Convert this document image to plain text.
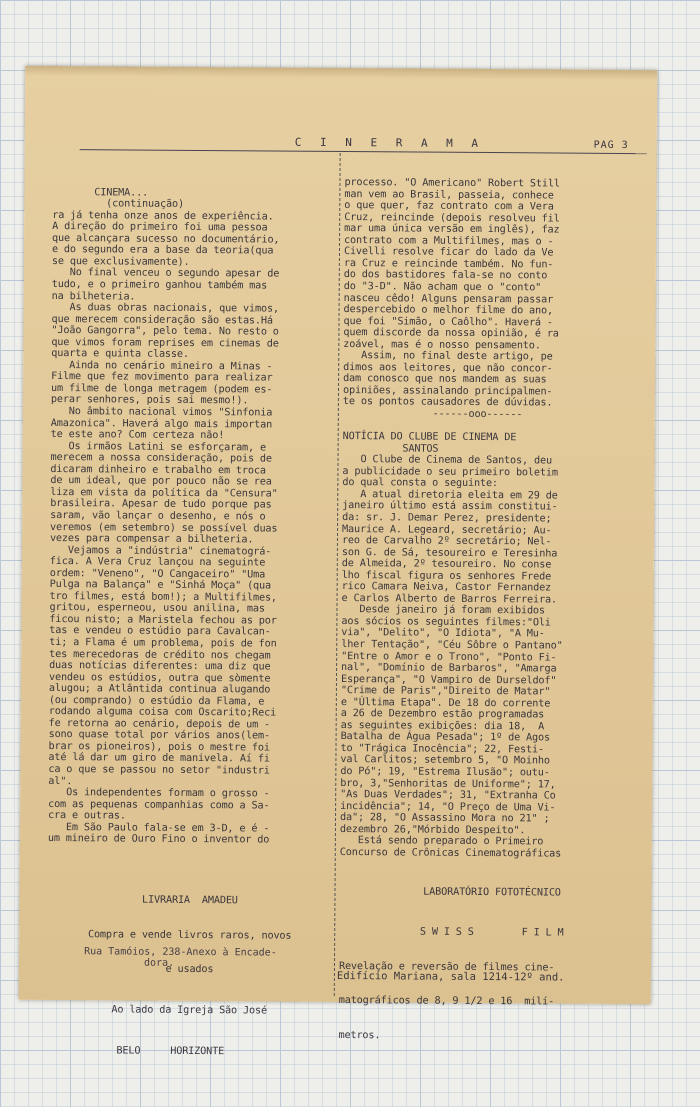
C I N E R A M A	PAG 3

CINEMA...
(continuação)
ra já tenha onze anos de experiência.
A direção do primeiro foi uma pessoa
que alcançara sucesso no documentário,
e do segundo era a base da teoria(qua
se que exclusivamente).
No final venceu o segundo apesar de
tudo, e o primeiro ganhou também mas
na bilheteria.
As duas obras nacionais, que vimos,
que merecem consideração são estas.Há
"João Gangorra", pelo tema. No resto o
que vimos foram reprises em cinemas de
quarta e quinta classe.
Ainda no cenário mineiro a Minas -
Filme que fez movimento para realizar
um filme de longa metragem (podem es-
perar senhores, pois sai mesmo!).
No âmbito nacional vimos "Sinfonia
Amazonica". Haverá algo mais importan
te este ano? Com certeza não!
Os irmãos Latini se esforçaram, e
merecem a nossa consideração, pois de
dicaram dinheiro e trabalho em troca
de um ideal, que por pouco não se rea
liza em vista da política da "Censura"
brasileira. Apesar de tudo porque pas
saram, vão lançar o desenho, e nós o
veremos (em setembro) se possível duas
vezes para compensar a bilheteria.
Vejamos a "indústria" cinematográ-
fica. A Vera Cruz lançou na seguinte
ordem: "Veneno", "O Cangaceiro" "Uma
Pulga na Balança" e "Sinhá Moça" (qua
tro filmes, está bom!); a Multifilmes,
gritou, esperneou, usou anilina, mas
ficou nisto; a Maristela fechou as por
tas e vendeu o estúdio para Cavalcan-
ti; a Flama é um problema, pois de fon
tes merecedoras de crédito nos chegam
duas notícias diferentes: uma diz que
vendeu os estúdios, outra que sòmente
alugou; a Atlântida continua alugando
(ou comprando) o estúdio da Flama, e
rodando alguma coisa com Oscarito;Reci
fe retorna ao cenário, depois de um -
sono quase total por vários anos(lem-
brar os pioneiros), pois o mestre foi
até lá dar um giro de manivela. Aí fi
ca o que se passou no setor "industri
al".
Os independentes formam o grosso -
com as pequenas companhias como a Sa-
cra e outras.
Em São Paulo fala-se em 3-D, e é -
um mineiro de Ouro Fino o inventor do

LIVRARIA  AMADEU

Compra e vende livros raros, novos

e usados

Ao lado da Igreja São José

BELO     HORIZONTE

Rua Tamóios, 238-Anexo à Encade-
dora.

processo. "O Americano" Robert Still
man vem ao Brasil, passeia, conhece
o que quer, faz contrato com a Vera
Cruz, reincinde (depois resolveu fil
mar uma única versão em inglês), faz
contrato com a Multifilmes, mas o -
Civelli resolve ficar do lado da Ve
ra Cruz e reincinde também. No fun-
do dos bastidores fala-se no conto
do "3-D". Não acham que o "conto"
nasceu cêdo! Alguns pensaram passar
despercebido o melhor filme do ano,
que foi "Simão, o Caôlho". Haverá -
quem discorde da nossa opinião, é ra
zoável, mas é o nosso pensamento.
Assim, no final deste artigo, pe
dimos aos leitores, que não concor-
dam conosco que nos mandem as suas
opiniões, assinalando principalmen-
te os pontos causadores de dúvidas.
------ooo------

NOTÍCIA DO CLUBE DE CINEMA DE
SANTOS
O Clube de Cinema de Santos, deu
a publicidade o seu primeiro boletim
do qual consta o seguinte:
A atual diretoria eleita em 29 de
janeiro último está assim constitui-
da: sr. J. Demar Perez, presidente;
Maurice A. Legeard, secretário; Au-
reo de Carvalho 2º secretário; Nel-
son G. de Sá, tesoureiro e Teresinha
de Almeida, 2º tesoureiro. No conse
lho fiscal figura os senhores Frede
rico Camara Neiva, Castor Fernandez
e Carlos Alberto de Barros Ferreira.
Desde janeiro já foram exibidos
aos sócios os seguintes filmes:"Oli
via", "Delito", "O Idiota", "A Mu-
lher Tentação", "Céu Sôbre o Pantano"
"Entre o Amor e o Trono", "Ponto Fi-
nal", "Domínio de Barbaros", "Amarga
Esperança", "O Vampiro de Durseldof"
"Crime de Paris","Direito de Matar"
e "Última Etapa". De 18 do corrente
a 26 de Dezembro estão programadas
as seguintes exibições: dia 18,  A
Batalha de Água Pesada"; 1º de Agos
to "Trágica Inocência"; 22, Festi-
val Carlitos; setembro 5, "O Moinho
do Pó"; 19, "Estrema Ilusão"; outu-
bro, 3,"Senhoritas de Uniforme"; 17,
"As Duas Verdades"; 31, "Extranha Co
incidência"; 14, "O Preço de Uma Vi-
da"; 28, "O Assassino Mora no 21" ;
dezembro 26,"Mórbido Despeito".
Está sendo preparado o Primeiro
Concurso de Crônicas Cinematográficas

LABORATÓRIO FOTOTÉCNICO

S W I S S        F I L M

Revelação e reversão de filmes cine-

matográficos de 8, 9 1/2 e 16  milí-

metros.

Edifício Mariana, sala 1214-12º and.
